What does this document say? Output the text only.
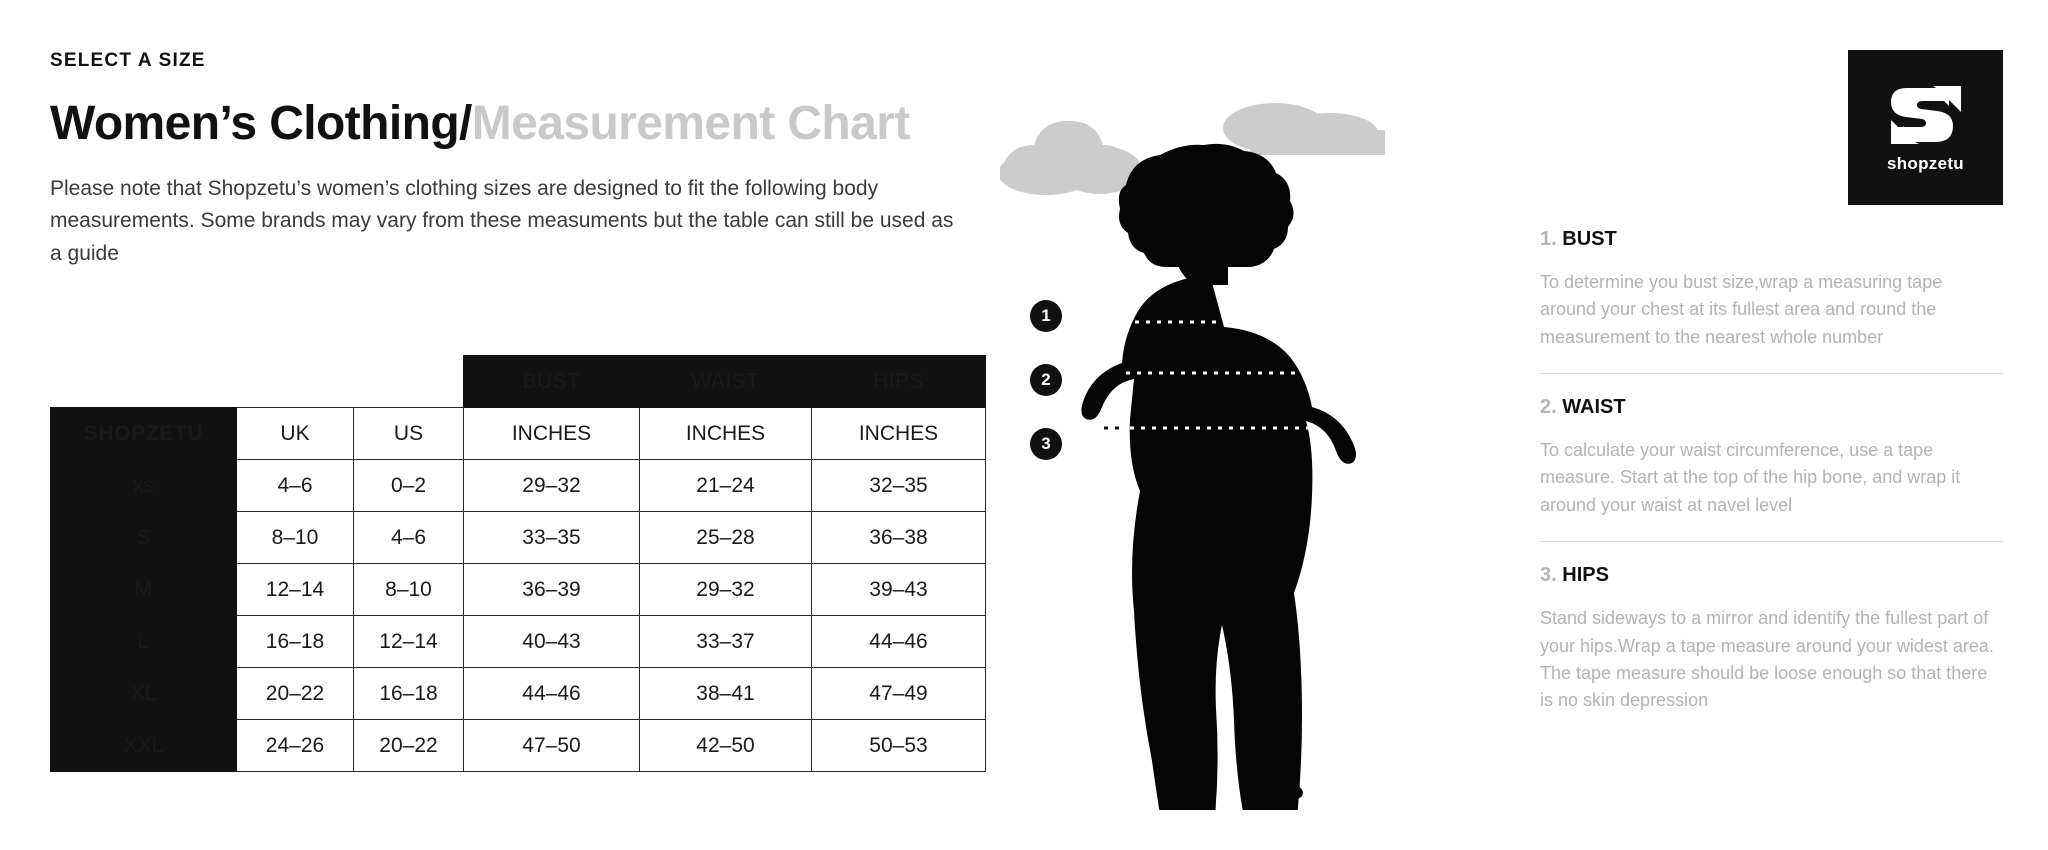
SELECT A SIZE
Women’s Clothing/Measurement Chart

Please note that Shopzetu’s women’s clothing sizes are designed to fit the following body measurements. Some brands may vary from these measuments but the table can still be used as a guide

			BUST	WAIST	HIPS
SHOPZETU	UK	US	INCHES	INCHES	INCHES
xs	4–6	0–2	29–32	21–24	32–35
S	8–10	4–6	33–35	25–28	36–38
M	12–14	8–10	36–39	29–32	39–43
L	16–18	12–14	40–43	33–37	44–46
XL	20–22	16–18	44–46	38–41	47–49
XXL	24–26	20–22	47–50	42–50	50–53
1
2
3
shopzetu
1. BUST
To determine you bust size,wrap a measuring tape around your chest at its fullest area and round the measurement to the nearest whole number
2. WAIST
To calculate your waist circumference, use a tape measure. Start at the top of the hip bone, and wrap it around your waist at navel level
3. HIPS
Stand sideways to a mirror and identify the fullest part of your hips.Wrap a tape measure around your widest area. The tape measure should be loose enough so that there is no skin depression
